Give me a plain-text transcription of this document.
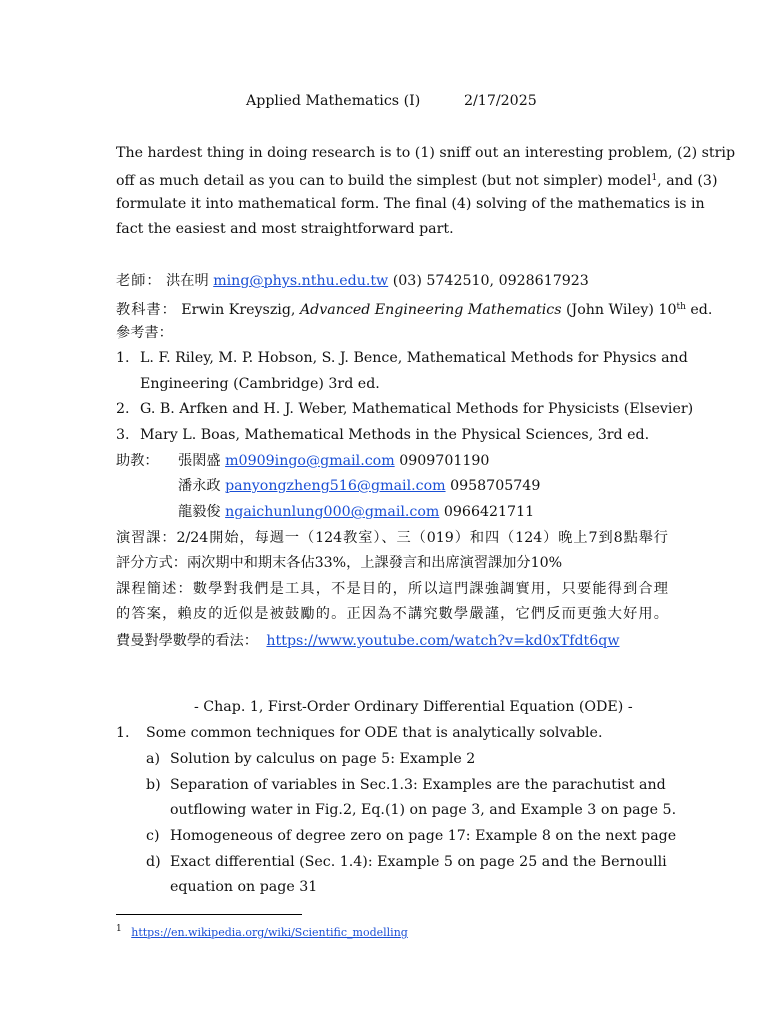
Applied Mathematics (I)	2/17/2025
The hardest thing in doing research is to (1) sniff out an interesting problem, (2) strip
off as much detail as you can to build the simplest (but not simpler) model$^1$, and (3)
formulate it into mathematical form. The final (4) solving of the mathematics is in
fact the easiest and most straightforward part.
老師： 洪在明 ming@phys.nthu.edu.tw (03) 5742510, 0928617923
教科書： Erwin Kreyszig, Advanced Engineering Mathematics (John Wiley) 10th ed.
參考書：
1. L. F. Riley, M. P. Hobson, S. J. Bence, Mathematical Methods for Physics and
Engineering (Cambridge) 3rd ed.
2. G. B. Arfken and H. J. Weber, Mathematical Methods for Physicists (Elsevier)
3. Mary L. Boas, Mathematical Methods in the Physical Sciences, 3rd ed.
助教： 張閎盛 m0909ingo@gmail.com 0909701190
潘永政 panyongzheng516@gmail.com 0958705749
龍毅俊 ngaichunlung000@gmail.com 0966421711
演習課：2/24開始，每週一（124教室）、三（019）和四（124）晚上7到8點舉行
評分方式：兩次期中和期末各佔33%，上課發言和出席演習課加分10%
課程簡述：數學對我們是工具，不是目的，所以這門課強調實用，只要能得到合理
的答案，賴皮的近似是被鼓勵的。正因為不講究數學嚴謹，它們反而更強大好用。
費曼對學數學的看法： https://www.youtube.com/watch?v=kd0xTfdt6qw
- Chap. 1, First-Order Ordinary Differential Equation (ODE) -
1. Some common techniques for ODE that is analytically solvable.
a) Solution by calculus on page 5: Example 2
b) Separation of variables in Sec.1.3: Examples are the parachutist and
outflowing water in Fig.2, Eq.(1) on page 3, and Example 3 on page 5.
c) Homogeneous of degree zero on page 17: Example 8 on the next page
d) Exact differential (Sec. 1.4): Example 5 on page 25 and the Bernoulli
equation on page 31
$^1$ https://en.wikipedia.org/wiki/Scientific_modelling
